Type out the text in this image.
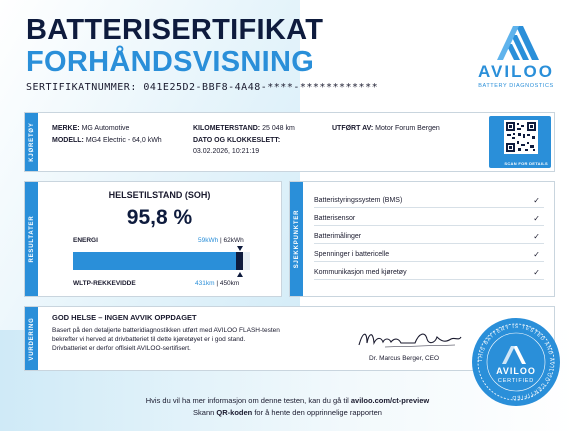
BATTERISERTIFIKAT
FORHÅNDSVISNING
SERTIFIKATNUMMER: 041E25D2-BBF8-4A48-****-************
AVILOO
BATTERY DIAGNOSTICS
KJØRETØY	MERKE: MG Automotive
MODELL: MG4 Electric - 64,0 kWh
KILOMETERSTAND: 25 048 km
DATO OG KLOKKESLETT:
03.02.2026, 10:21:19
UTFØRT AV: Motor Forum Bergen
SCAN FOR DETAILS
RESULTATER
HELSETILSTAND (SOH)
95,8 %
ENERGI	59kWh | 62kWh
WLTP-REKKEVIDDE	431km | 450km
SJEKKPUNKTER
Batteristyringssystem (BMS)	✓
Batterisensor	✓
Batterimålinger	✓
Spenninger i battericelle	✓
Kommunikasjon med kjøretøy	✓
VURDERING GOD HELSE – INGEN AVVIK OPPDAGET
Basert på den detaljerte batteridiagnostikken utført med AVILOO FLASH-testen
bekrefter vi herved at drivbatteriet til dette kjøretøyet er i god stand.
Drivbatteriet er derfor offisielt AVILOO-sertifisert.
Dr. Marcus Berger, CEO	THIS BATTERY IS TESTED AND AVILOO CERTIFIED
AVILOO
CERTIFIED
Hvis du vil ha mer informasjon om denne testen, kan du gå til aviloo.com/ct-preview
Skann QR-koden for å hente den opprinnelige rapporten
